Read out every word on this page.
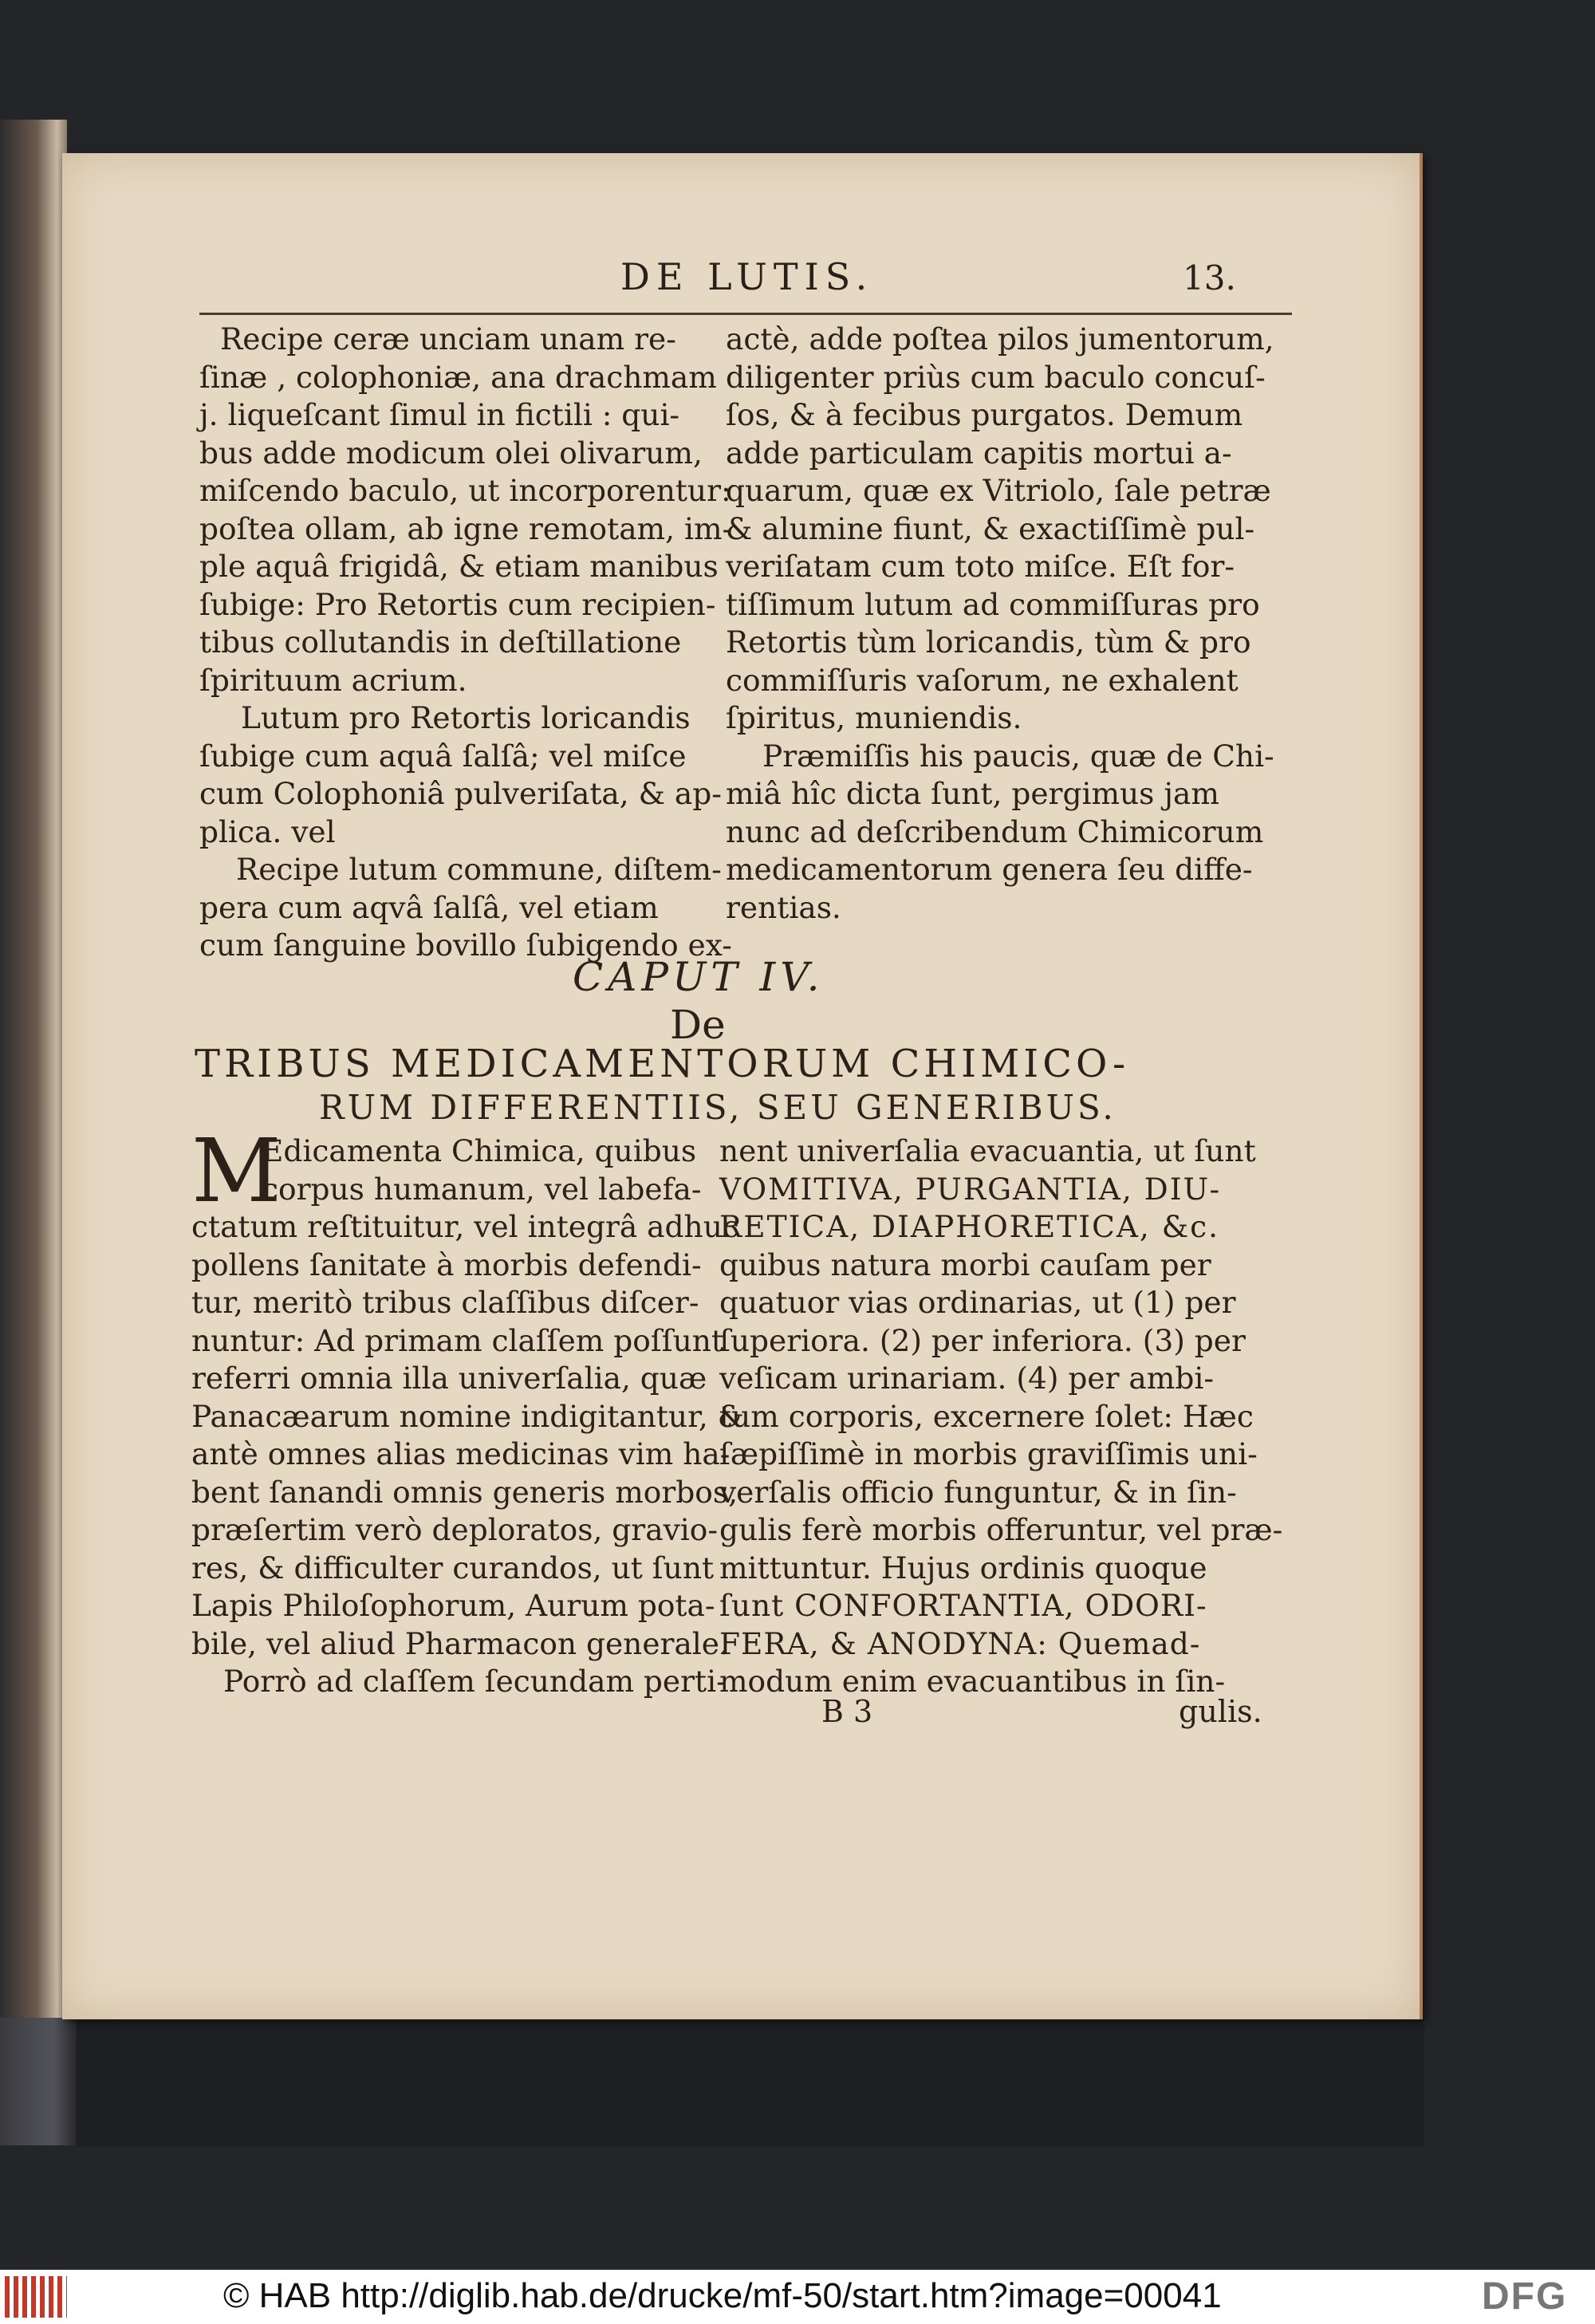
DE LUTIS.	13.
Recipe ceræ unciam unam re-
ſinæ , colophoniæ, ana drachmam
j. liqueſcant ſimul in fictili : qui-
bus adde modicum olei olivarum,
miſcendo baculo, ut incorporentur:
poſtea ollam, ab igne remotam, im-
ple aquâ frigidâ, & etiam manibus
ſubige: Pro Retortis cum recipien-
tibus collutandis in deſtillatione
ſpirituum acrium.
Lutum pro Retortis loricandis
ſubige cum aquâ ſalſâ; vel miſce
cum Colophoniâ pulveriſata, & ap-
plica. vel
Recipe lutum commune, diſtem-
pera cum aqvâ ſalſâ, vel etiam
cum ſanguine bovillo ſubigendo ex-
actè, adde poſtea pilos jumentorum,
diligenter priùs cum baculo concuſ-
ſos, & à fecibus purgatos. Demum
adde particulam capitis mortui a-
quarum, quæ ex Vitriolo, ſale petræ
& alumine fiunt, & exactiſſimè pul-
veriſatam cum toto miſce. Eſt for-
tiſſimum lutum ad commiſſuras pro
Retortis tùm loricandis, tùm & pro
commiſſuris vaſorum, ne exhalent
ſpiritus, muniendis.
Præmiſſis his paucis, quæ de Chi-
miâ hîc dicta ſunt, pergimus jam
nunc ad deſcribendum Chimicorum
medicamentorum genera ſeu diffe-
rentias.
CAPUT IV.
De
TRIBUS MEDICAMENTORUM CHIMICO-
RUM DIFFERENTIIS, SEU GENERIBUS.
M
Edicamenta Chimica, quibus
corpus humanum, vel labefa-
ctatum reſtituitur, vel integrâ adhuc
pollens ſanitate à morbis defendi-
tur, meritò tribus claſſibus diſcer-
nuntur: Ad primam claſſem poſſunt
referri omnia illa univerſalia, quæ
Panacæarum nomine indigitantur, &
antè omnes alias medicinas vim ha-
bent ſanandi omnis generis morbos,
præſertim verò deploratos, gravio-
res, & difficulter curandos, ut ſunt
Lapis Philoſophorum, Aurum pota-
bile, vel aliud Pharmacon generale.
Porrò ad claſſem ſecundam perti-
nent univerſalia evacuantia, ut ſunt
VOMITIVA, PURGANTIA, DIU-
RETICA, DIAPHORETICA, &c.
quibus natura morbi cauſam per
quatuor vias ordinarias, ut (1) per
ſuperiora. (2) per inferiora. (3) per
veſicam urinariam. (4) per ambi-
tum corporis, excernere ſolet: Hæc
ſæpiſſimè in morbis graviſſimis uni-
verſalis officio funguntur, & in ſin-
gulis ferè morbis offeruntur, vel præ-
mittuntur. Hujus ordinis quoque
ſunt CONFORTANTIA, ODORI-
FERA, & ANODYNA: Quemad-
modum enim evacuantibus in ſin-
B 3	gulis.
© HAB http://diglib.hab.de/drucke/mf-50/start.htm?image=00041	DFG
